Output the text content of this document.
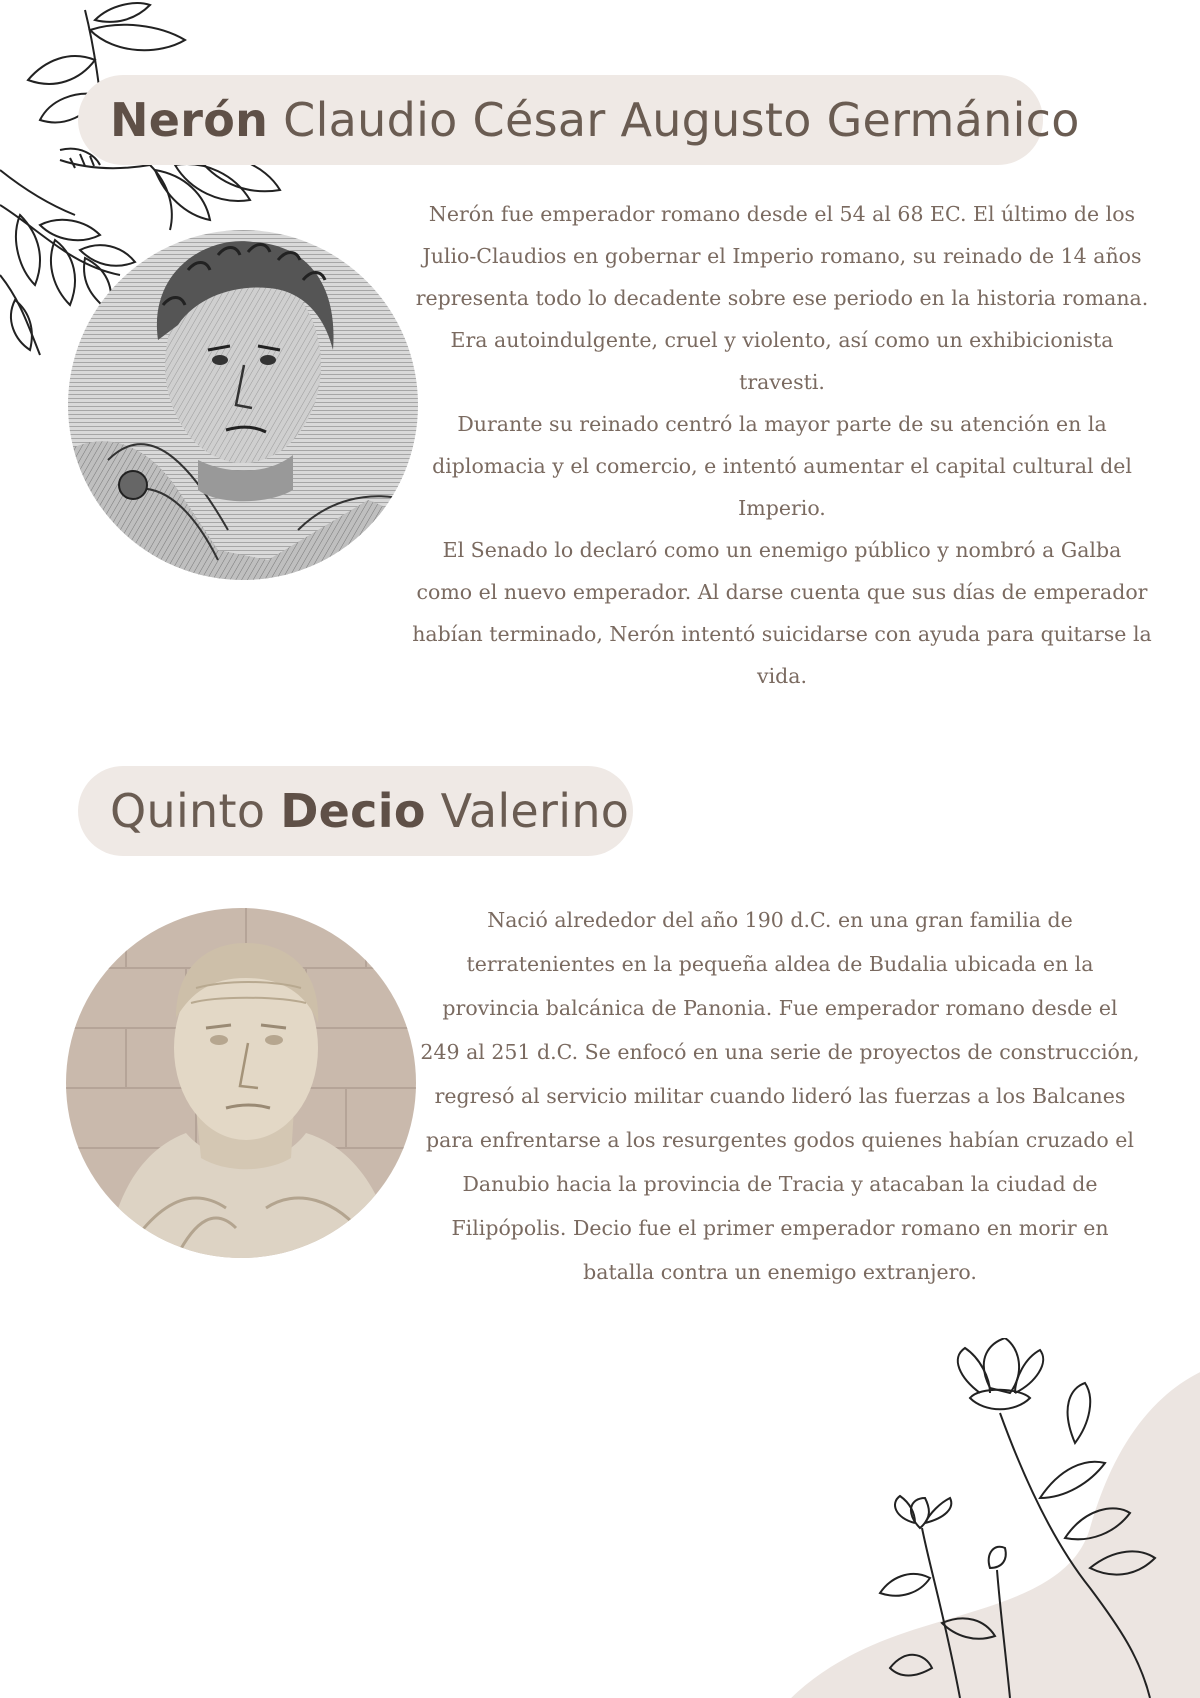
Nerón Claudio César Augusto Germánico

Nerón fue emperador romano desde el 54 al 68 EC. El último de los Julio-Claudios en gobernar el Imperio romano, su reinado de 14 años representa todo lo decadente sobre ese periodo en la historia romana. Era autoindulgente, cruel y violento, así como un exhibicionista travesti.

Durante su reinado centró la mayor parte de su atención en la diplomacia y el comercio, e intentó aumentar el capital cultural del Imperio.

El Senado lo declaró como un enemigo público y nombró a Galba como el nuevo emperador. Al darse cuenta que sus días de emperador habían terminado, Nerón intentó suicidarse con ayuda para quitarse la vida.

Quinto Decio Valerino

Nació alrededor del año 190 d.C. en una gran familia de terratenientes en la pequeña aldea de Budalia ubicada en la provincia balcánica de Panonia. Fue emperador romano desde el 249 al 251 d.C. Se enfocó en una serie de proyectos de construcción, regresó al servicio militar cuando lideró las fuerzas a los Balcanes para enfrentarse a los resurgentes godos quienes habían cruzado el Danubio hacia la provincia de Tracia y atacaban la ciudad de Filipópolis. Decio fue el primer emperador romano en morir en batalla contra un enemigo extranjero.
